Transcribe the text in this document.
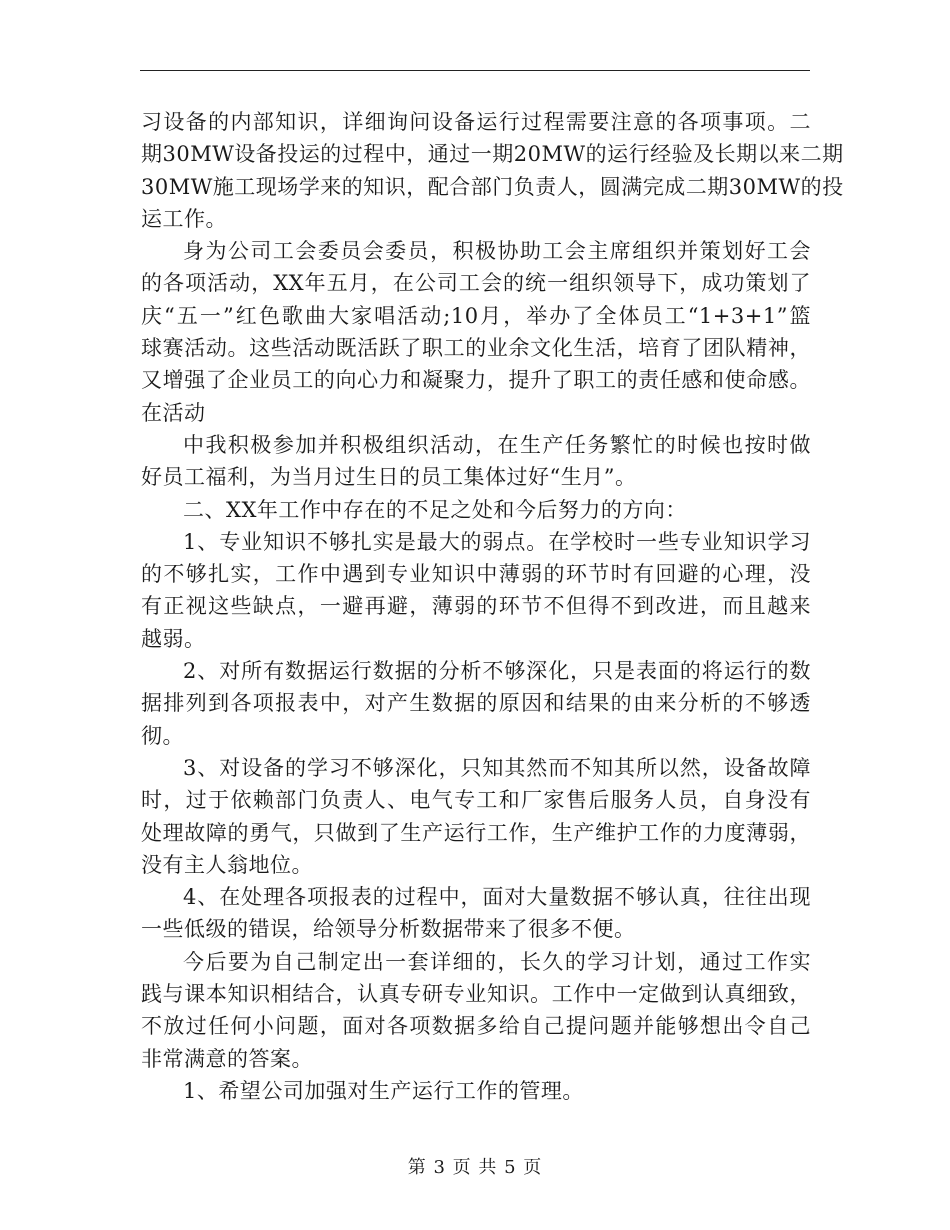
习设备的内部知识，详细询问设备运行过程需要注意的各项事项。二
期30MW设备投运的过程中，通过一期20MW的运行经验及长期以来二期
30MW施工现场学来的知识，配合部门负责人，圆满完成二期30MW的投
运工作。
身为公司工会委员会委员，积极协助工会主席组织并策划好工会
的各项活动，XX年五月，在公司工会的统一组织领导下，成功策划了
庆“五一”红色歌曲大家唱活动;10月，举办了全体员工“1+3+1”篮
球赛活动。这些活动既活跃了职工的业余文化生活，培育了团队精神，
又增强了企业员工的向心力和凝聚力，提升了职工的责任感和使命感。
在活动
中我积极参加并积极组织活动，在生产任务繁忙的时候也按时做
好员工福利，为当月过生日的员工集体过好“生月”。
二、XX年工作中存在的不足之处和今后努力的方向：
1、专业知识不够扎实是最大的弱点。在学校时一些专业知识学习
的不够扎实，工作中遇到专业知识中薄弱的环节时有回避的心理，没
有正视这些缺点，一避再避，薄弱的环节不但得不到改进，而且越来
越弱。
2、对所有数据运行数据的分析不够深化，只是表面的将运行的数
据排列到各项报表中，对产生数据的原因和结果的由来分析的不够透
彻。
3、对设备的学习不够深化，只知其然而不知其所以然，设备故障
时，过于依赖部门负责人、电气专工和厂家售后服务人员，自身没有
处理故障的勇气，只做到了生产运行工作，生产维护工作的力度薄弱，
没有主人翁地位。
4、在处理各项报表的过程中，面对大量数据不够认真，往往出现
一些低级的错误，给领导分析数据带来了很多不便。
今后要为自己制定出一套详细的，长久的学习计划，通过工作实
践与课本知识相结合，认真专研专业知识。工作中一定做到认真细致，
不放过任何小问题，面对各项数据多给自己提问题并能够想出令自己
非常满意的答案。
1、希望公司加强对生产运行工作的管理。
第 3 页 共 5 页
